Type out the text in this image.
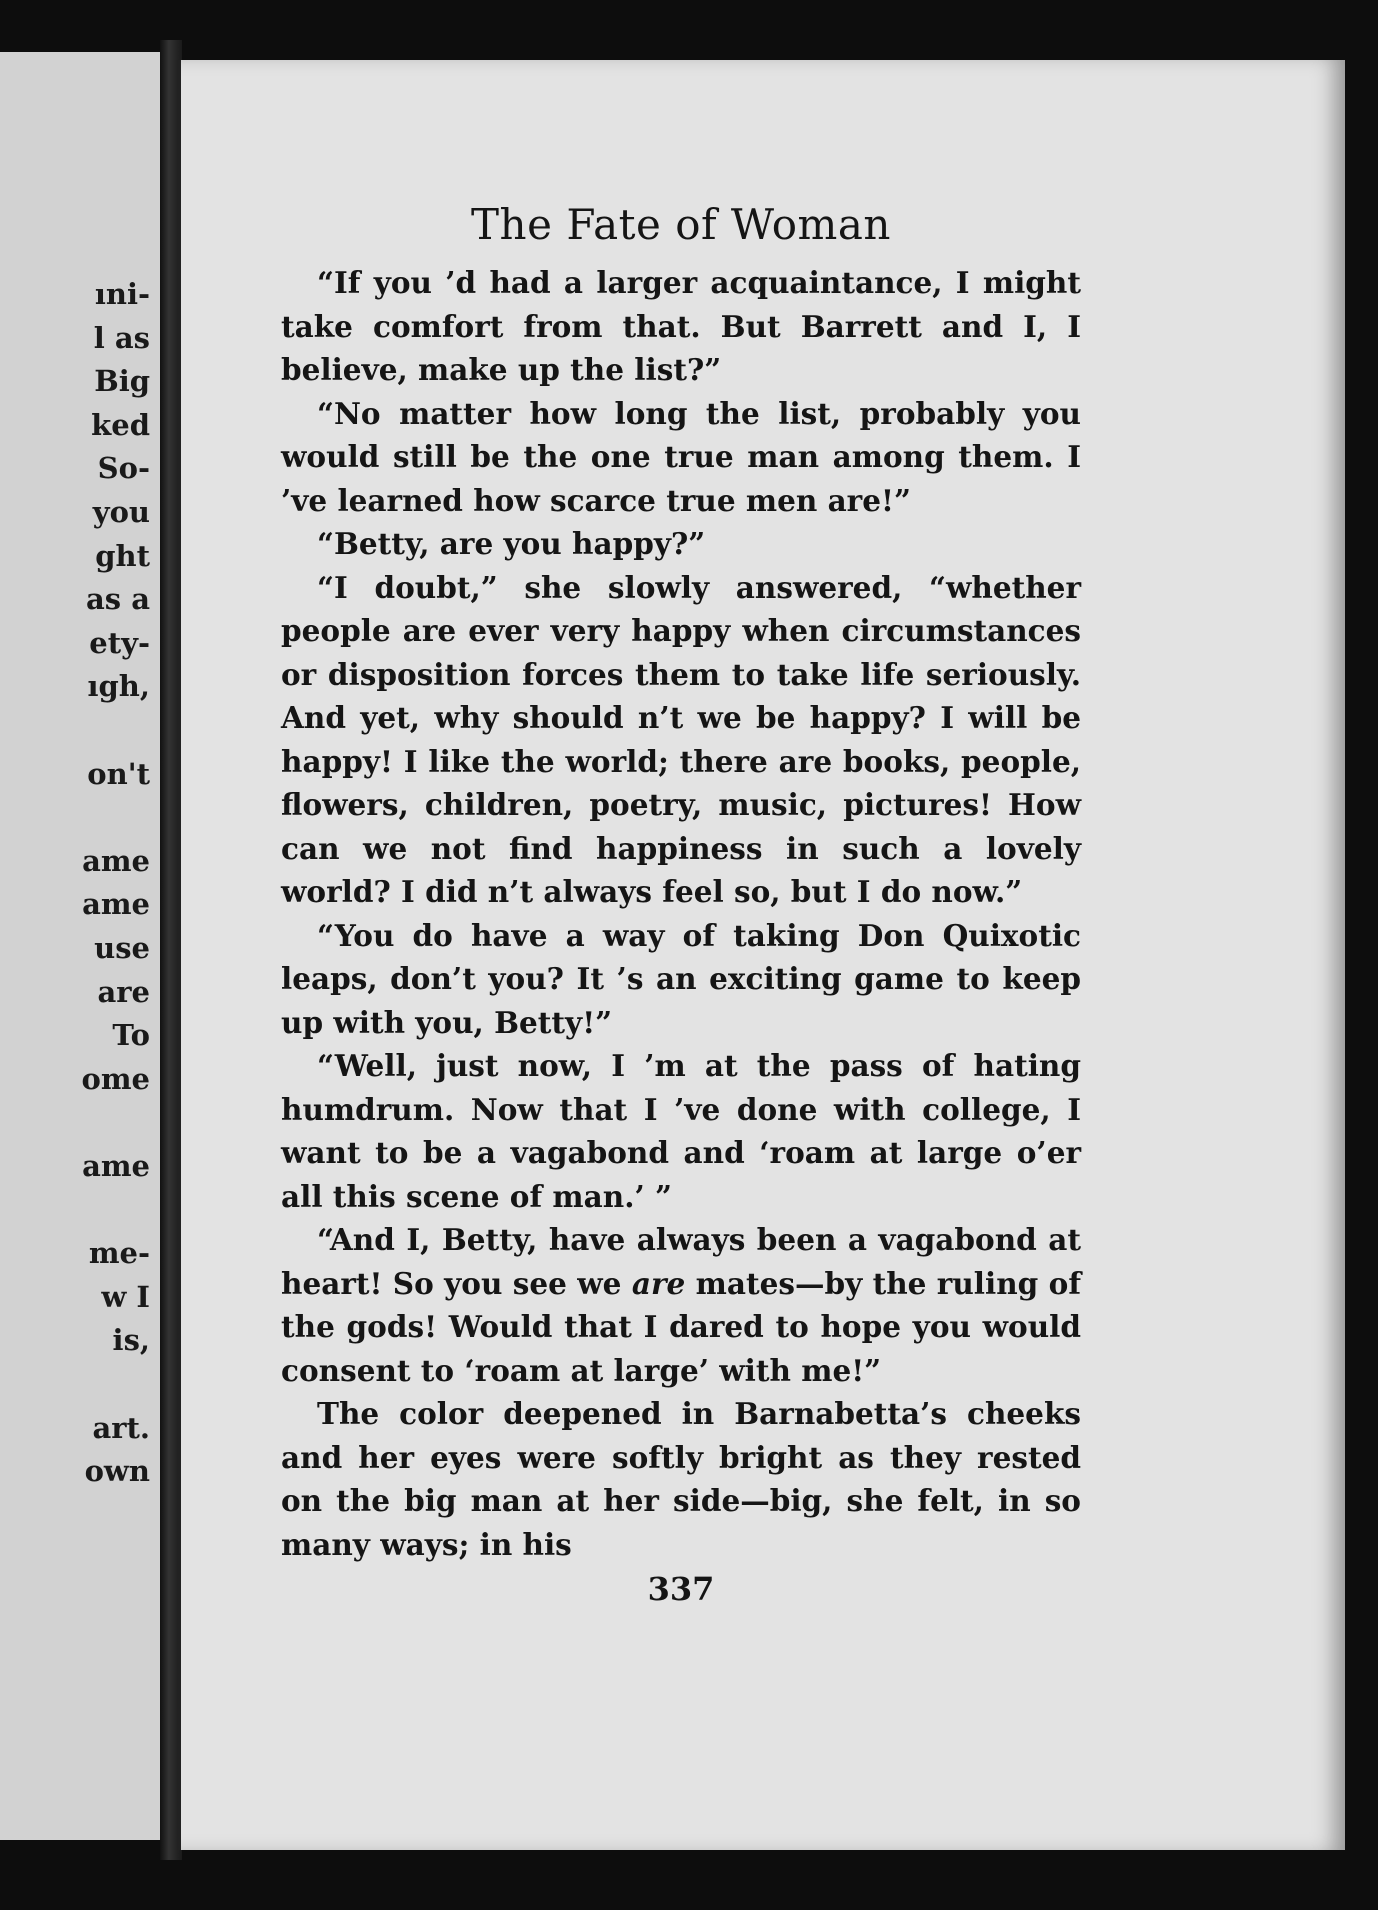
ıni-
l as
Big
ked
So-
you
ght
as a
ety-
ıgh,
on't
ame
ame
use
are
To
ome
ame
me-
w I
is,
art.
own
The Fate of Woman

“If you ’d had a larger acquaintance, I might take comfort from that. But Barrett and I, I believe, make up the list?”

“No matter how long the list, probably you would still be the one true man among them. I ’ve learned how scarce true men are!”

“Betty, are you happy?”

“I doubt,” she slowly answered, “whether people are ever very happy when circumstances or disposition forces them to take life seriously. And yet, why should n’t we be happy? I will be happy! I like the world; there are books, people, flowers, children, poetry, music, pictures! How can we not find happiness in such a lovely world? I did n’t always feel so, but I do now.”

“You do have a way of taking Don Quixotic leaps, don’t you? It ’s an exciting game to keep up with you, Betty!”

“Well, just now, I ’m at the pass of hating humdrum. Now that I ’ve done with college, I want to be a vagabond and ‘roam at large o’er all this scene of man.’ ”

“And I, Betty, have always been a vagabond at heart! So you see we are mates—by the ruling of the gods! Would that I dared to hope you would consent to ‘roam at large’ with me!”

The color deepened in Barnabetta’s cheeks and her eyes were softly bright as they rested on the big man at her side—big, she felt, in so many ways; in his

337
